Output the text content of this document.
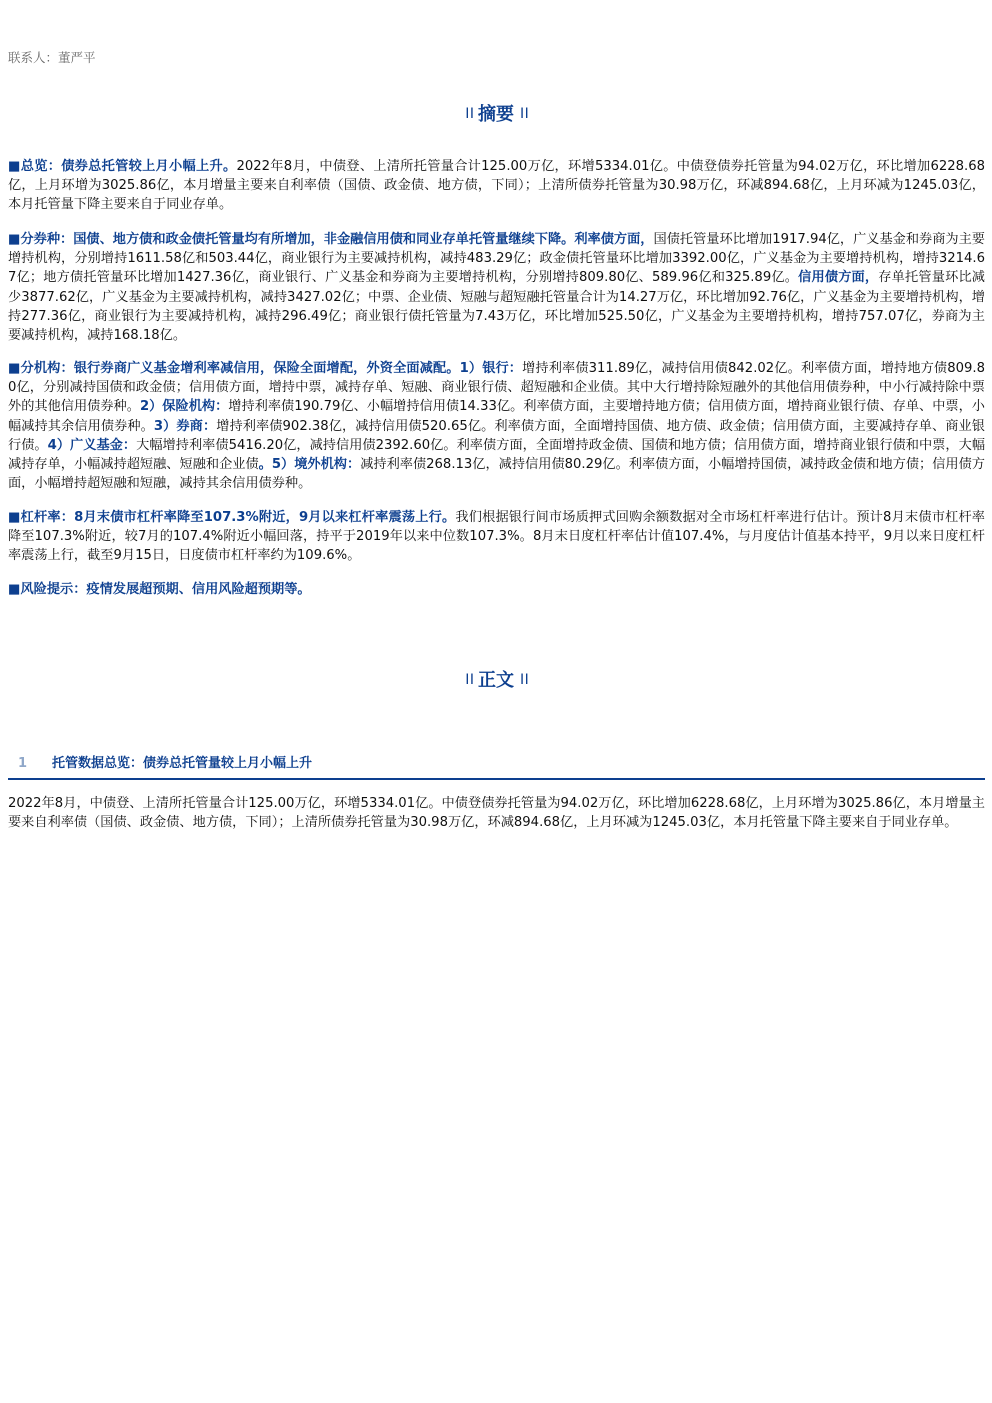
联系人：董严平
I I 摘要 I I
■总览：债券总托管较上月小幅上升。2022年8月，中债登、上清所托管量合计125.00万亿，环增5334.01亿。中债登债券托管量为94.02万亿，环比增加6228.68亿，上月环增为3025.86亿，本月增量主要来自利率债（国债、政金债、地方债，下同）；上清所债券托管量为30.98万亿，环减894.68亿，上月环减为1245.03亿，本月托管量下降主要来自于同业存单。
■分券种：国债、地方债和政金债托管量均有所增加，非金融信用债和同业存单托管量继续下降。利率债方面，国债托管量环比增加1917.94亿，广义基金和券商为主要增持机构，分别增持1611.58亿和503.44亿，商业银行为主要减持机构，减持483.29亿；政金债托管量环比增加3392.00亿，广义基金为主要增持机构，增持3214.67亿；地方债托管量环比增加1427.36亿，商业银行、广义基金和券商为主要增持机构，分别增持809.80亿、589.96亿和325.89亿。信用债方面，存单托管量环比减少3877.62亿，广义基金为主要减持机构，减持3427.02亿；中票、企业债、短融与超短融托管量合计为14.27万亿，环比增加92.76亿，广义基金为主要增持机构，增持277.36亿，商业银行为主要减持机构，减持296.49亿；商业银行债托管量为7.43万亿，环比增加525.50亿，广义基金为主要增持机构，增持757.07亿，券商为主要减持机构，减持168.18亿。
■分机构：银行券商广义基金增利率减信用，保险全面增配，外资全面减配。1）银行：增持利率债311.89亿，减持信用债842.02亿。利率债方面，增持地方债809.80亿，分别减持国债和政金债；信用债方面，增持中票，减持存单、短融、商业银行债、超短融和企业债。其中大行增持除短融外的其他信用债券种，中小行减持除中票外的其他信用债券种。2）保险机构：增持利率债190.79亿、小幅增持信用债14.33亿。利率债方面，主要增持地方债；信用债方面，增持商业银行债、存单、中票，小幅减持其余信用债券种。3）券商：增持利率债902.38亿，减持信用债520.65亿。利率债方面，全面增持国债、地方债、政金债；信用债方面，主要减持存单、商业银行债。4）广义基金：大幅增持利率债5416.20亿，减持信用债2392.60亿。利率债方面，全面增持政金债、国债和地方债；信用债方面，增持商业银行债和中票，大幅减持存单，小幅减持超短融、短融和企业债。5）境外机构：减持利率债268.13亿，减持信用债80.29亿。利率债方面，小幅增持国债，减持政金债和地方债；信用债方面，小幅增持超短融和短融，减持其余信用债券种。
■杠杆率：8月末债市杠杆率降至107.3%附近，9月以来杠杆率震荡上行。我们根据银行间市场质押式回购余额数据对全市场杠杆率进行估计。预计8月末债市杠杆率降至107.3%附近，较7月的107.4%附近小幅回落，持平于2019年以来中位数107.3%。8月末日度杠杆率估计值107.4%，与月度估计值基本持平，9月以来日度杠杆率震荡上行，截至9月15日，日度债市杠杆率约为109.6%。
■风险提示：疫情发展超预期、信用风险超预期等。
I I 正文 I I
1 托管数据总览：债券总托管量较上月小幅上升
2022年8月，中债登、上清所托管量合计125.00万亿，环增5334.01亿。中债登债券托管量为94.02万亿，环比增加6228.68亿，上月环增为3025.86亿，本月增量主要来自利率债（国债、政金债、地方债，下同）；上清所债券托管量为30.98万亿，环减894.68亿，上月环减为1245.03亿，本月托管量下降主要来自于同业存单。
